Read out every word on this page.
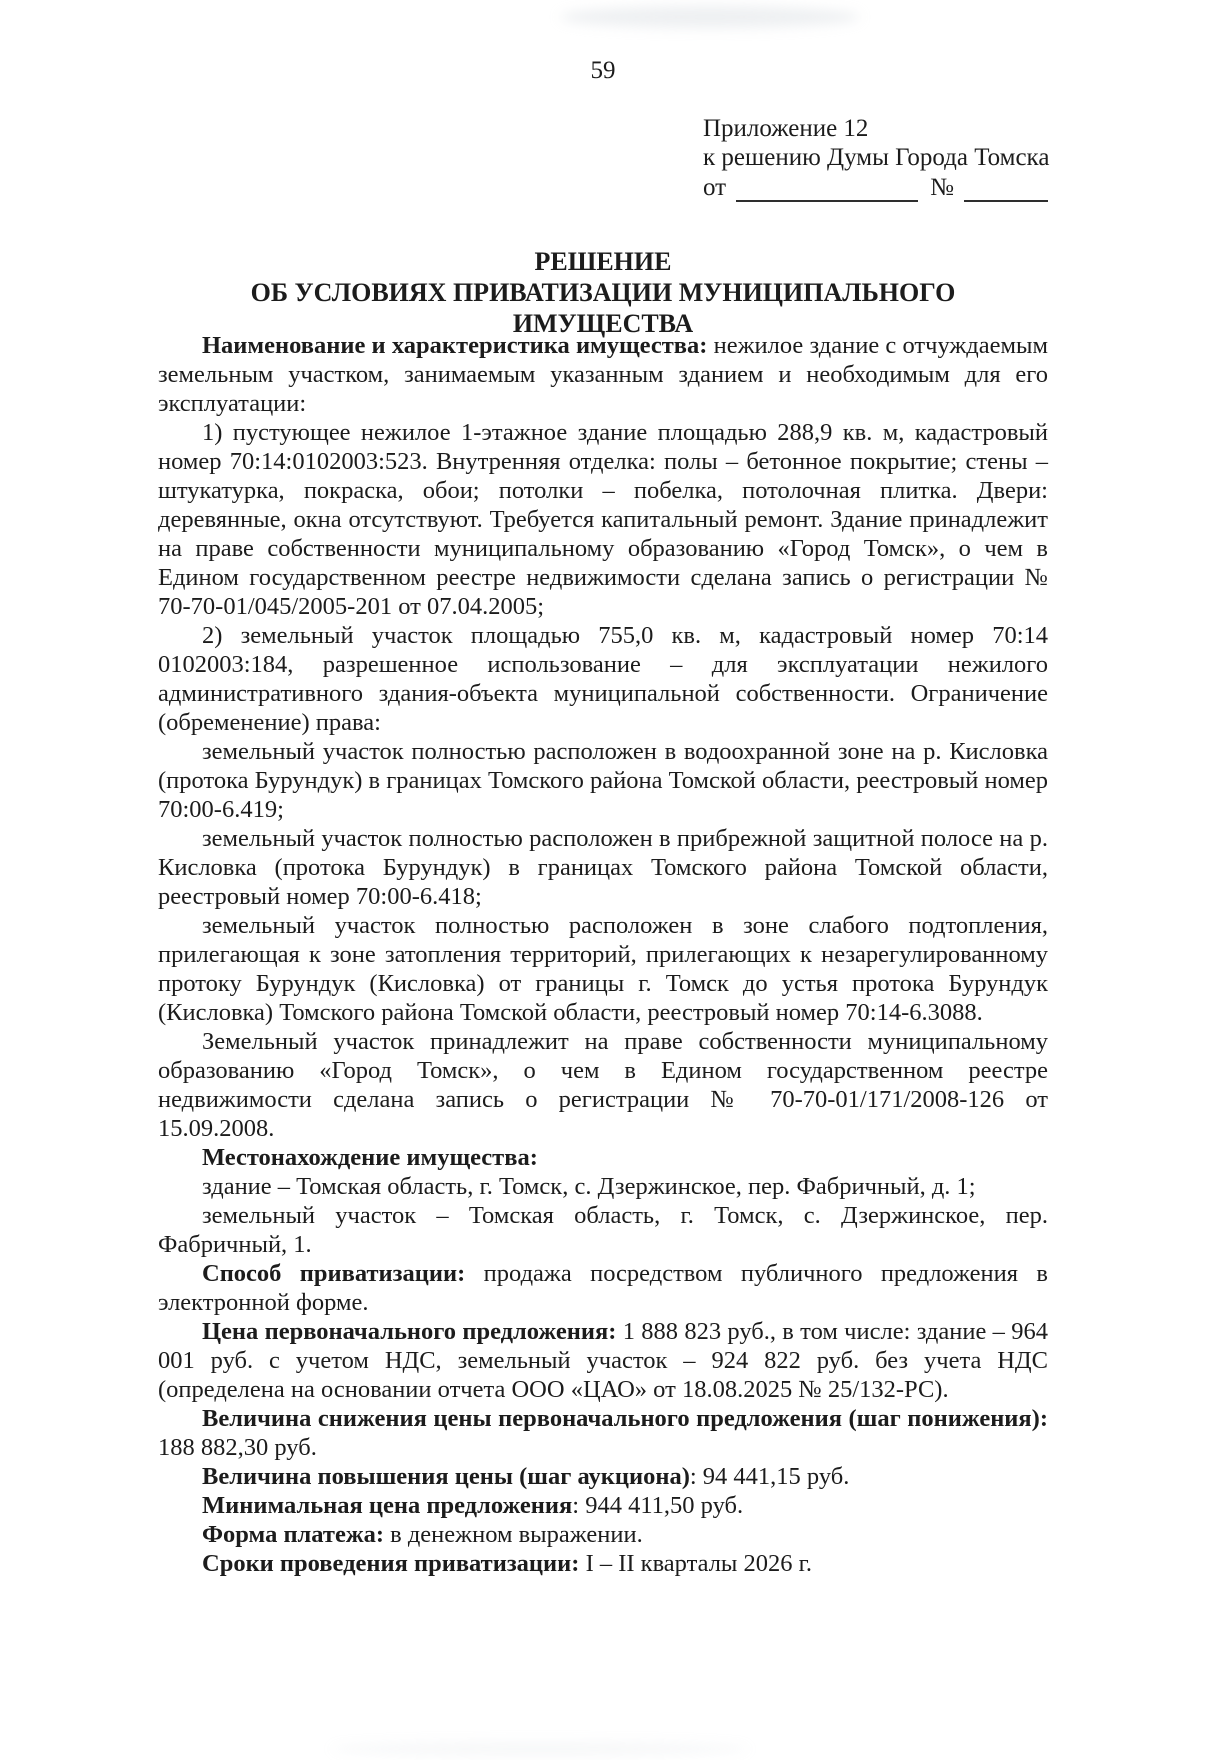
59
Приложение 12
к решению Думы Города Томска
от	№
РЕШЕНИЕ
ОБ УСЛОВИЯХ ПРИВАТИЗАЦИИ МУНИЦИПАЛЬНОГО ИМУЩЕСТВА

Наименование и характеристика имущества: нежилое здание с отчуждаемым земельным участком, занимаемым указанным зданием и необходимым для его эксплуатации:

1) пустующее нежилое 1-этажное здание площадью 288,9 кв. м, кадастровый номер 70:14:0102003:523. Внутренняя отделка: полы – бетонное покрытие; стены – штукатурка, покраска, обои; потолки – побелка, потолочная плитка. Двери: деревянные, окна отсутствуют. Требуется капитальный ремонт. Здание принадлежит на праве собственности муниципальному образованию «Город Томск», о чем в Едином государственном реестре недвижимости сделана запись о регистрации № 70-70-01/045/2005-201 от 07.04.2005;

2) земельный участок площадью 755,0 кв. м, кадастровый номер 70:14 0102003:184, разрешенное использование – для эксплуатации нежилого административного здания-объекта муниципальной собственности. Ограничение (обременение) права:

земельный участок полностью расположен в водоохранной зоне на р. Кисловка (протока Бурундук) в границах Томского района Томской области, реестровый номер 70:00-6.419;

земельный участок полностью расположен в прибрежной защитной полосе на р. Кисловка (протока Бурундук) в границах Томского района Томской области, реестровый номер 70:00-6.418;

земельный участок полностью расположен в зоне слабого подтопления, прилегающая к зоне затопления территорий, прилегающих к незарегулированному протоку Бурундук (Кисловка) от границы г. Томск до устья протока Бурундук (Кисловка) Томского района Томской области, реестровый номер 70:14-6.3088.

Земельный участок принадлежит на праве собственности муниципальному образованию «Город Томск», о чем в Едином государственном реестре недвижимости сделана запись о регистрации № 70-70-01/171/2008-126 от 15.09.2008.

Местонахождение имущества:

здание – Томская область, г. Томск, с. Дзержинское, пер. Фабричный, д. 1;

земельный участок – Томская область, г. Томск, с. Дзержинское, пер. Фабричный, 1.

Способ приватизации: продажа посредством публичного предложения в электронной форме.

Цена первоначального предложения: 1 888 823 руб., в том числе: здание – 964 001 руб. с учетом НДС, земельный участок – 924 822 руб. без учета НДС (определена на основании отчета ООО «ЦАО» от 18.08.2025 № 25/132-РС).

Величина снижения цены первоначального предложения (шаг понижения): 188 882,30 руб.

Величина повышения цены (шаг аукциона): 94 441,15 руб.

Минимальная цена предложения: 944 411,50 руб.

Форма платежа: в денежном выражении.

Сроки проведения приватизации: I – II кварталы 2026 г.
